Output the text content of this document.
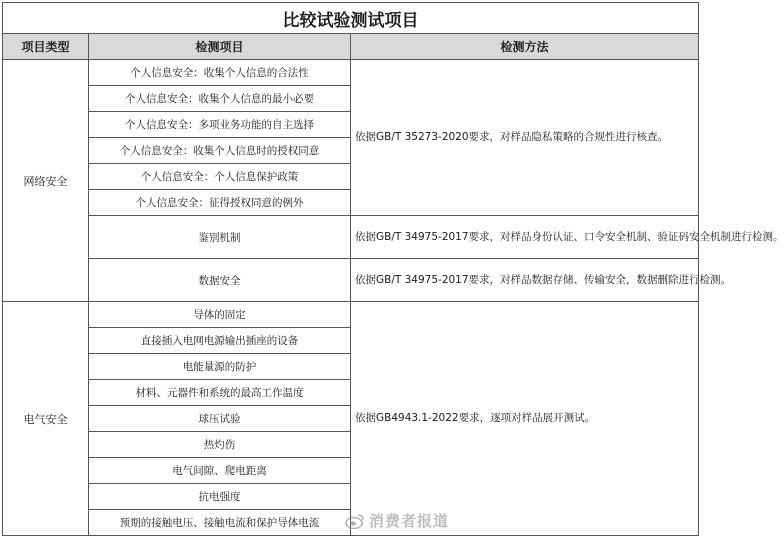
比较试验测试项目		
项目类型	检测项目	检测方法
网络安全	个人信息安全：收集个人信息的合法性	依据GB/T 35273-2020要求，对样品隐私策略的合规性进行核查。
	个人信息安全：收集个人信息的最小必要	
	个人信息安全：多项业务功能的自主选择	
	个人信息安全：收集个人信息时的授权同意	
	个人信息安全：个人信息保护政策	
	个人信息安全：征得授权同意的例外	
	鉴别机制	依据GB/T 34975-2017要求，对样品身份认证、口令安全机制、验证码安全机制进行检测。
	数据安全	依据GB/T 34975-2017要求，对样品数据存储、传输安全，数据删除进行检测。
电气安全	导体的固定	依据GB4943.1-2022要求，逐项对样品展开测试。
	直接插入电网电源输出插座的设备	
	电能量源的防护	
	材料、元器件和系统的最高工作温度	
	球压试验	
	热灼伤	
	电气间隙、爬电距离	
	抗电强度	
	预期的接触电压、接触电流和保护导体电流		消费者报道
